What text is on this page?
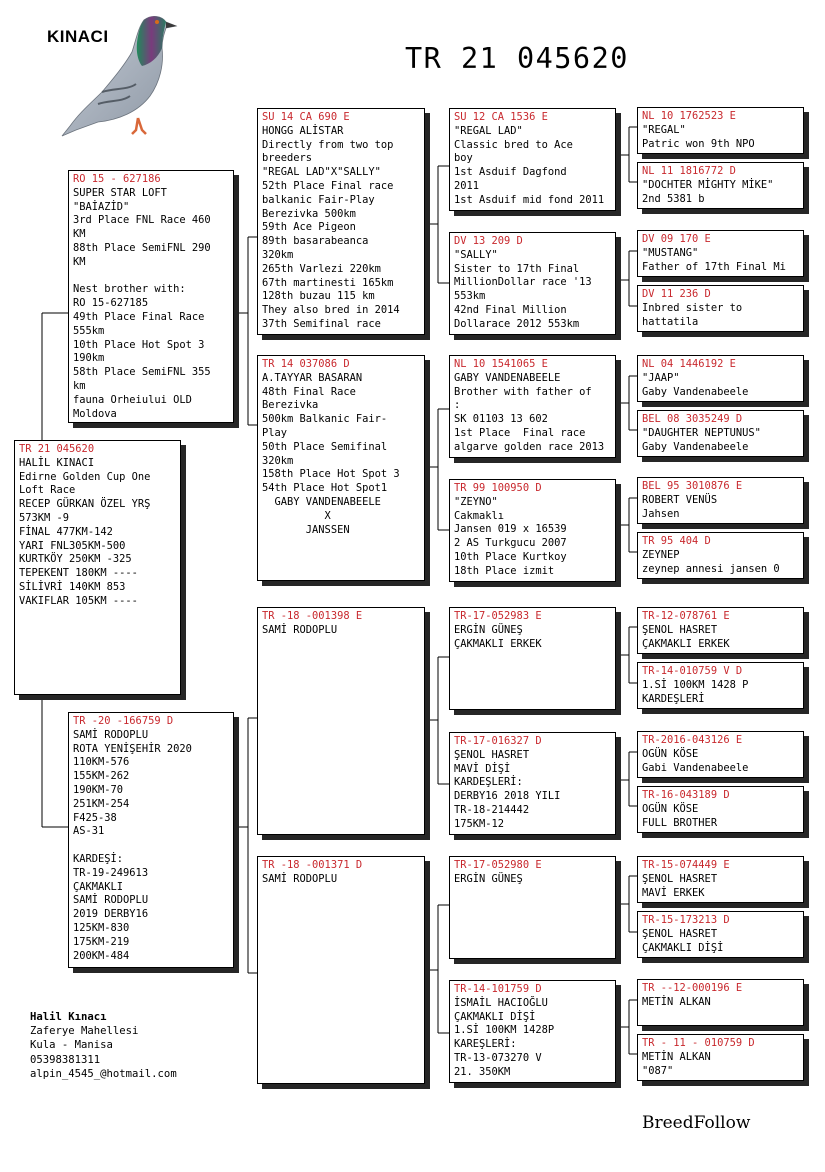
KINACI
TR 21 045620
TR 21 045620
HALİL KINACI
Edirne Golden Cup One
Loft Race
RECEP GÜRKAN ÖZEL YRŞ
573KM -9
FİNAL 477KM-142
YARI FNL305KM-500
KURTKÖY 250KM -325
TEPEKENT 180KM ----
SİLİVRİ 140KM 853
VAKIFLAR 105KM ----
RO 15 - 627186
SUPER STAR LOFT
"BAİAZİD"
3rd Place FNL Race 460
KM
88th Place SemiFNL 290
KM

Nest brother with:
RO 15-627185
49th Place Final Race
555km
10th Place Hot Spot 3
190km
58th Place SemiFNL 355
km
fauna Orheiului OLD
Moldova
TR -20 -166759 D
SAMİ RODOPLU
ROTA YENİŞEHİR 2020
110KM-576
155KM-262
190KM-70
251KM-254
F425-38
AS-31

KARDEŞİ:
TR-19-249613
ÇAKMAKLI
SAMİ RODOPLU
2019 DERBY16
125KM-830
175KM-219
200KM-484
SU 14 CA 690 E
HONGG ALİSTAR
Directly from two top
breeders
"REGAL LAD"X"SALLY"
52th Place Final race
balkanic Fair-Play
Berezivka 500km
59th Ace Pigeon
89th basarabeanca
320km
265th Varlezi 220km
67th martinesti 165km
128th buzau 115 km
They also bred in 2014
37th Semifinal race
TR 14 037086 D
A.TAYYAR BASARAN
48th Final Race
Berezivka
500km Balkanic Fair-
Play
50th Place Semifinal
320km
158th Place Hot Spot 3
54th Place Hot Spot1
GABY VANDENABEELE
X
JANSSEN
TR -18 -001398 E
SAMİ RODOPLU
TR -18 -001371 D
SAMİ RODOPLU
SU 12 CA 1536 E
"REGAL LAD"
Classic bred to Ace
boy
1st Asduif Dagfond
2011
1st Asduif mid fond 2011
DV 13 209 D
"SALLY"
Sister to 17th Final
MillionDollar race '13
553km
42nd Final Million
Dollarace 2012 553km
NL 10 1541065 E
GABY VANDENABEELE
Brother with father of
:
SK 01103 13 602
1st Place  Final race
algarve golden race 2013
TR 99 100950 D
"ZEYNO"
Cakmaklı
Jansen 019 x 16539
2 AS Turkgucu 2007
10th Place Kurtkoy
18th Place izmit
TR-17-052983 E
ERGİN GÜNEŞ
ÇAKMAKLI ERKEK
TR-17-016327 D
ŞENOL HASRET
MAVİ DİŞİ
KARDEŞLERİ:
DERBY16 2018 YILI
TR-18-214442
175KM-12
TR-17-052980 E
ERGİN GÜNEŞ
TR-14-101759 D
İSMAİL HACIOĞLU
ÇAKMAKLI DİŞİ
1.Sİ 100KM 1428P
KAREŞLERİ:
TR-13-073270 V
21. 350KM
NL 10 1762523 E
"REGAL"
Patric won 9th NPO
NL 11 1816772 D
"DOCHTER MİGHTY MİKE"
2nd 5381 b
DV 09 170 E
"MUSTANG"
Father of 17th Final Mi
DV 11 236 D
Inbred sister to
hattatila
NL 04 1446192 E
"JAAP"
Gaby Vandenabeele
BEL 08 3035249 D
"DAUGHTER NEPTUNUS"
Gaby Vandenabeele
BEL 95 3010876 E
ROBERT VENÜS
Jahsen
TR 95 404 D
ZEYNEP
zeynep annesi jansen 0
TR-12-078761 E
ŞENOL HASRET
ÇAKMAKLI ERKEK
TR-14-010759 V D
1.Sİ 100KM 1428 P
KARDEŞLERİ
TR-2016-043126 E
OGÜN KÖSE
Gabi Vandenabeele
TR-16-043189 D
OGÜN KÖSE
FULL BROTHER
TR-15-074449 E
ŞENOL HASRET
MAVİ ERKEK
TR-15-173213 D
ŞENOL HASRET
ÇAKMAKLI DİŞİ
TR --12-000196 E
METİN ALKAN
TR - 11 - 010759 D
METİN ALKAN
"087"
Halil Kınacı
Zaferye Mahellesi
Kula - Manisa
05398381311
alpin_4545_@hotmail.com
BreedFollow
